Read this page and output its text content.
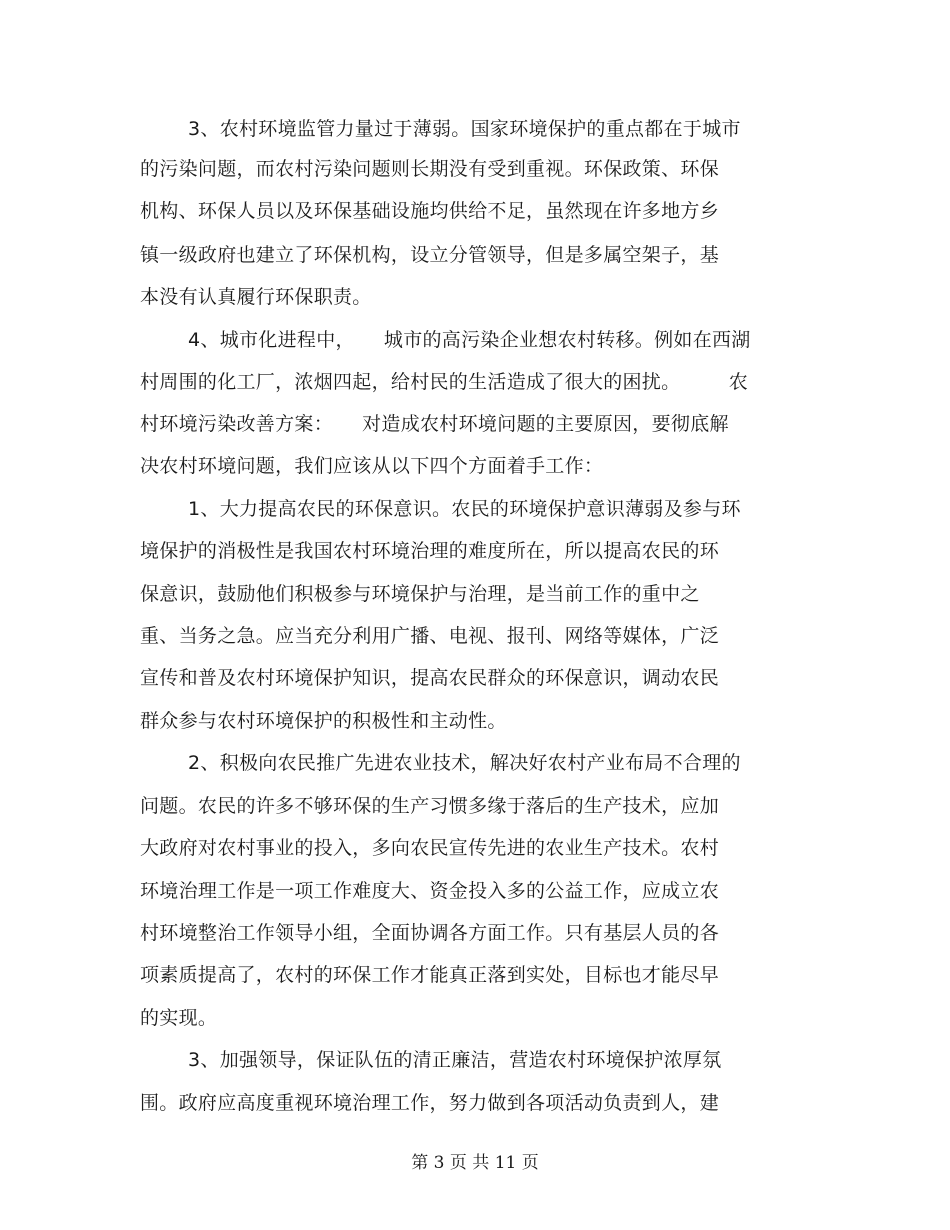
3、农村环境监管力量过于薄弱。国家环境保护的重点都在于城市
的污染问题，而农村污染问题则长期没有受到重视。环保政策、环保
机构、环保人员以及环保基础设施均供给不足，虽然现在许多地方乡
镇一级政府也建立了环保机构，设立分管领导，但是多属空架子，基
本没有认真履行环保职责。
4、城市化进程中，　　城市的高污染企业想农村转移。例如在西湖
村周围的化工厂，浓烟四起，给村民的生活造成了很大的困扰。　　　农
村环境污染改善方案：　　对造成农村环境问题的主要原因，要彻底解
决农村环境问题，我们应该从以下四个方面着手工作：
1、大力提高农民的环保意识。农民的环境保护意识薄弱及参与环
境保护的消极性是我国农村环境治理的难度所在，所以提高农民的环
保意识，鼓励他们积极参与环境保护与治理，是当前工作的重中之
重、当务之急。应当充分利用广播、电视、报刊、网络等媒体，广泛
宣传和普及农村环境保护知识，提高农民群众的环保意识，调动农民
群众参与农村环境保护的积极性和主动性。
2、积极向农民推广先进农业技术，解决好农村产业布局不合理的
问题。农民的许多不够环保的生产习惯多缘于落后的生产技术，应加
大政府对农村事业的投入，多向农民宣传先进的农业生产技术。农村
环境治理工作是一项工作难度大、资金投入多的公益工作，应成立农
村环境整治工作领导小组，全面协调各方面工作。只有基层人员的各
项素质提高了，农村的环保工作才能真正落到实处，目标也才能尽早
的实现。
3、加强领导，保证队伍的清正廉洁，营造农村环境保护浓厚氛
围。政府应高度重视环境治理工作，努力做到各项活动负责到人，建
第 3 页 共 11 页
